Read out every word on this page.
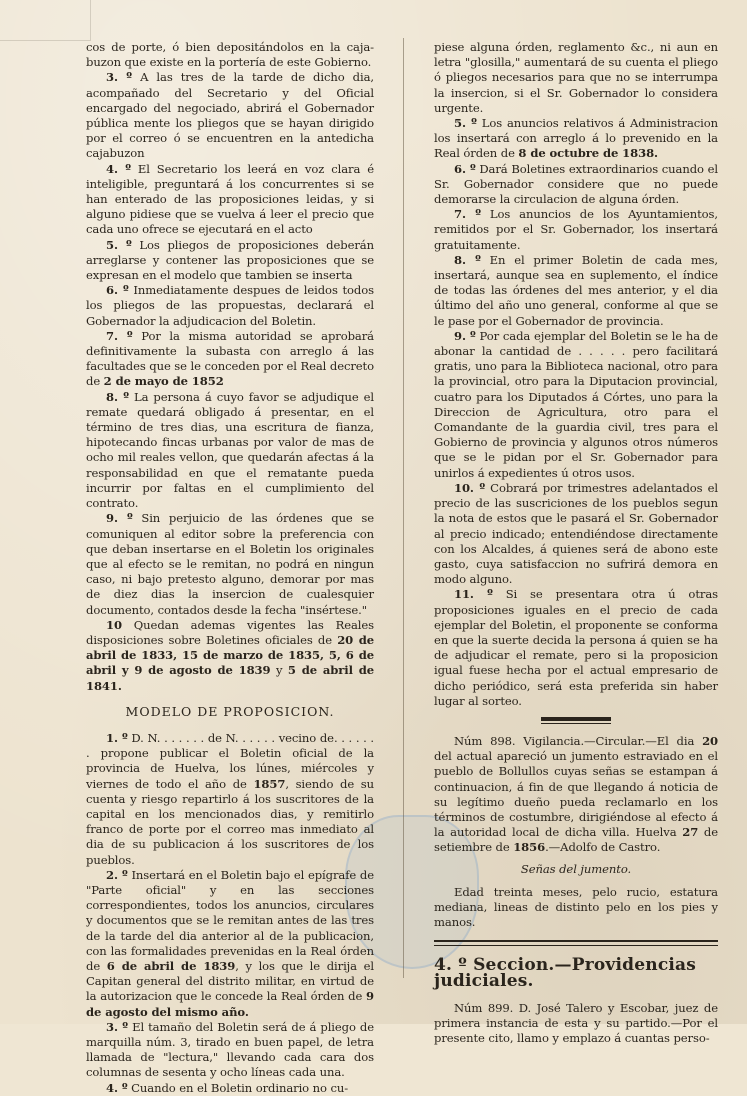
cos de porte, ó bien depositándolos en la caja-buzon que existe en la portería de este Gobierno.

3. º A las tres de la tarde de dicho dia, acompañado del Secretario y del Oficial encargado del negociado, abrirá el Gobernador pública mente los pliegos que se hayan dirigido por el correo ó se encuentren en la antedicha cajabuzon

4. º El Secretario los leerá en voz clara é inteligible, preguntará á los concurrentes si se han enterado de las proposiciones leidas, y si alguno pidiese que se vuelva á leer el precio que cada uno ofrece se ejecutará en el acto

5. º Los pliegos de proposiciones deberán arreglarse y contener las proposiciones que se expresan en el modelo que tambien se inserta

6. º Inmediatamente despues de leidos todos los pliegos de las propuestas, declarará el Gobernador la adjudicacion del Boletin.

7. º Por la misma autoridad se aprobará definitivamente la subasta con arreglo á las facultades que se le conceden por el Real decreto de 2 de mayo de 1852

8. º La persona á cuyo favor se adjudique el remate quedará obligado á presentar, en el término de tres dias, una escritura de fianza, hipotecando fincas urbanas por valor de mas de ocho mil reales vellon, que quedarán afectas á la responsabilidad en que el rematante pueda incurrir por faltas en el cumplimiento del contrato.

9. º Sin perjuicio de las órdenes que se comuniquen al editor sobre la preferencia con que deban insertarse en el Boletin los originales que al efecto se le remitan, no podrá en ningun caso, ni bajo pretesto alguno, demorar por mas de diez dias la insercion de cualesquier documento, contados desde la fecha "insértese."

10 Quedan ademas vigentes las Reales disposiciones sobre Boletines oficiales de 20 de abril de 1833, 15 de marzo de 1835, 5, 6 de abril y 9 de agosto de 1839 y 5 de abril de 1841.

MODELO DE PROPOSICION.

1. º D. N. . . . . . . de N. . . . . . vecino de. . . . . . . propone publicar el Boletin oficial de la provincia de Huelva, los lúnes, miércoles y viernes de todo el año de 1857, siendo de su cuenta y riesgo repartirlo á los suscritores de la capital en los mencionados dias, y remitirlo franco de porte por el correo mas inmediato al dia de su publicacion á los suscritores de los pueblos.

2. º Insertará en el Boletin bajo el epígrafe de "Parte oficial" y en las secciones correspondientes, todos los anuncios, circulares y documentos que se le remitan antes de las tres de la tarde del dia anterior al de la publicacion, con las formalidades prevenidas en la Real órden de 6 de abril de 1839, y los que le dirija el Capitan general del distrito militar, en virtud de la autorizacion que le concede la Real órden de 9 de agosto del mismo año.

3. º El tamaño del Boletin será de á pliego de marquilla núm. 3, tirado en buen papel, de letra llamada de "lectura," llevando cada cara dos columnas de sesenta y ocho líneas cada una.

4. º Cuando en el Boletin ordinario no cu-

piese alguna órden, reglamento &c., ni aun en letra "glosilla," aumentará de su cuenta el pliego ó pliegos necesarios para que no se interrumpa la insercion, si el Sr. Gobernador lo considera urgente.

5. º Los anuncios relativos á Administracion los insertará con arreglo á lo prevenido en la Real órden de 8 de octubre de 1838.

6. º Dará Boletines extraordinarios cuando el Sr. Gobernador considere que no puede demorarse la circulacion de alguna órden.

7. º Los anuncios de los Ayuntamientos, remitidos por el Sr. Gobernador, los insertará gratuitamente.

8. º En el primer Boletin de cada mes, insertará, aunque sea en suplemento, el índice de todas las órdenes del mes anterior, y el dia último del año uno general, conforme al que se le pase por el Gobernador de provincia.

9. º Por cada ejemplar del Boletin se le ha de abonar la cantidad de . . . . . pero facilitará gratis, uno para la Biblioteca nacional, otro para la provincial, otro para la Diputacion provincial, cuatro para los Diputados á Córtes, uno para la Direccion de Agricultura, otro para el Comandante de la guardia civil, tres para el Gobierno de provincia y algunos otros números que se le pidan por el Sr. Gobernador para unirlos á expedientes ú otros usos.

10. º Cobrará por trimestres adelantados el precio de las suscriciones de los pueblos segun la nota de estos que le pasará el Sr. Gobernador al precio indicado; entendiéndose directamente con los Alcaldes, á quienes será de abono este gasto, cuya satisfaccion no sufrirá demora en modo alguno.

11. º Si se presentara otra ú otras proposiciones iguales en el precio de cada ejemplar del Boletin, el proponente se conforma en que la suerte decida la persona á quien se ha de adjudicar el remate, pero si la proposicion igual fuese hecha por el actual empresario de dicho periódico, será esta preferida sin haber lugar al sorteo.

Núm 898. Vigilancia.—Circular.—El dia 20 del actual apareció un jumento estraviado en el pueblo de Bollullos cuyas señas se estampan á continuacion, á fin de que llegando á noticia de su legítimo dueño pueda reclamarlo en los términos de costumbre, dirigiéndose al efecto á la autoridad local de dicha villa. Huelva 27 de setiembre de 1856.—Adolfo de Castro.

Señas del jumento.

Edad treinta meses, pelo rucio, estatura mediana, lineas de distinto pelo en los pies y manos.

4. º Seccion.—Providencias judiciales.

Núm 899. D. José Talero y Escobar, juez de primera instancia de esta y su partido.—Por el presente cito, llamo y emplazo á cuantas perso-
